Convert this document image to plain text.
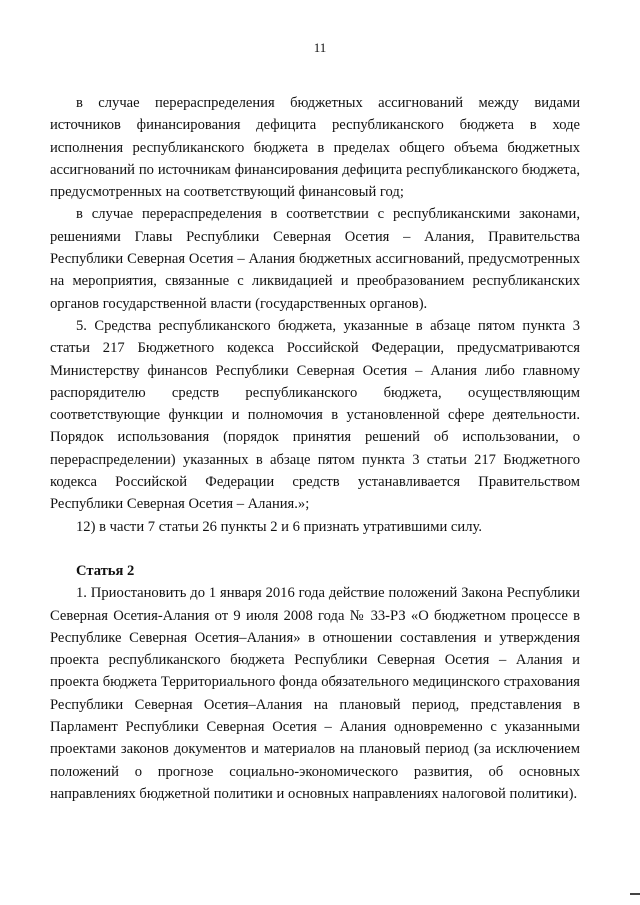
11

в случае перераспределения бюджетных ассигнований между видами источников финансирования дефицита республиканского бюджета в ходе исполнения республиканского бюджета в пределах общего объема бюджетных ассигнований по источникам финансирования дефицита республиканского бюджета, предусмотренных на соответствующий финансовый год;

в случае перераспределения в соответствии с республиканскими законами, решениями Главы Республики Северная Осетия – Алания, Правительства Республики Северная Осетия – Алания бюджетных ассигнований, предусмотренных на мероприятия, связанные с ликвидацией и преобразованием республиканских органов государственной власти (государственных органов).

5. Средства республиканского бюджета, указанные в абзаце пятом пункта 3 статьи 217 Бюджетного кодекса Российской Федерации, предусматриваются Министерству финансов Республики Северная Осетия – Алания либо главному распорядителю средств республиканского бюджета, осуществляющим соответствующие функции и полномочия в установленной сфере деятельности. Порядок использования (порядок принятия решений об использовании, о перераспределении) указанных в абзаце пятом пункта 3 статьи 217 Бюджетного кодекса Российской Федерации средств устанавливается Правительством Республики Северная Осетия – Алания.»;

12) в части 7 статьи 26 пункты 2 и 6 признать утратившими силу.

Статья 2

1. Приостановить до 1 января 2016 года действие положений Закона Республики Северная Осетия-Алания от 9 июля 2008 года № 33-РЗ «О бюджетном процессе в Республике Северная Осетия–Алания» в отношении составления и утверждения проекта республиканского бюджета Республики Северная Осетия – Алания и проекта бюджета Территориального фонда обязательного медицинского страхования Республики Северная Осетия–Алания на плановый период, представления в Парламент Республики Северная Осетия – Алания одновременно с указанными проектами законов документов и материалов на плановый период (за исключением положений о прогнозе социально-экономического развития, об основных направлениях бюджетной политики и основных направлениях налоговой политики).
